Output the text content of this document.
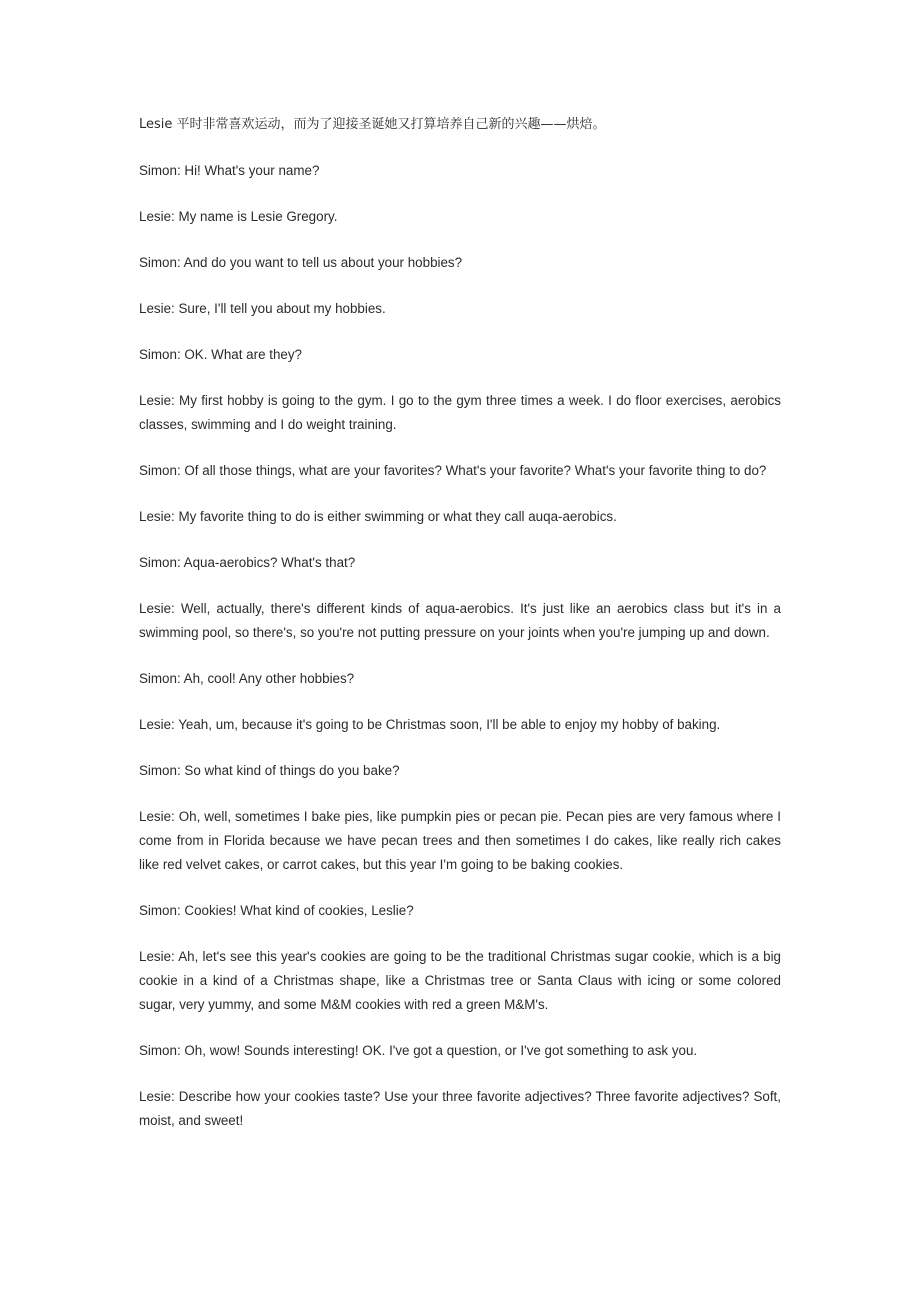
Lesie 平时非常喜欢运动，而为了迎接圣诞她又打算培养自己新的兴趣——烘焙。

Simon: Hi! What's your name?

Lesie: My name is Lesie Gregory.

Simon: And do you want to tell us about your hobbies?

Lesie: Sure, I'll tell you about my hobbies.

Simon: OK. What are they?

Lesie: My first hobby is going to the gym. I go to the gym three times a week. I do floor exercises, aerobics classes, swimming and I do weight training.

Simon: Of all those things, what are your favorites? What's your favorite? What's your favorite thing to do?

Lesie: My favorite thing to do is either swimming or what they call auqa-aerobics.

Simon: Aqua-aerobics? What's that?

Lesie: Well, actually, there's different kinds of aqua-aerobics. It's just like an aerobics class but it's in a swimming pool, so there's, so you're not putting pressure on your joints when you're jumping up and down.

Simon: Ah, cool! Any other hobbies?

Lesie: Yeah, um, because it's going to be Christmas soon, I'll be able to enjoy my hobby of baking.

Simon: So what kind of things do you bake?

Lesie: Oh, well, sometimes I bake pies, like pumpkin pies or pecan pie. Pecan pies are very famous where I come from in Florida because we have pecan trees and then sometimes I do cakes, like really rich cakes like red velvet cakes, or carrot cakes, but this year I'm going to be baking cookies.

Simon: Cookies! What kind of cookies, Leslie?

Lesie: Ah, let's see this year's cookies are going to be the traditional Christmas sugar cookie, which is a big cookie in a kind of a Christmas shape, like a Christmas tree or Santa Claus with icing or some colored sugar, very yummy, and some M&M cookies with red a green M&M's.

Simon: Oh, wow! Sounds interesting! OK. I've got a question, or I've got something to ask you.

Lesie: Describe how your cookies taste? Use your three favorite adjectives? Three favorite adjectives? Soft, moist, and sweet!
